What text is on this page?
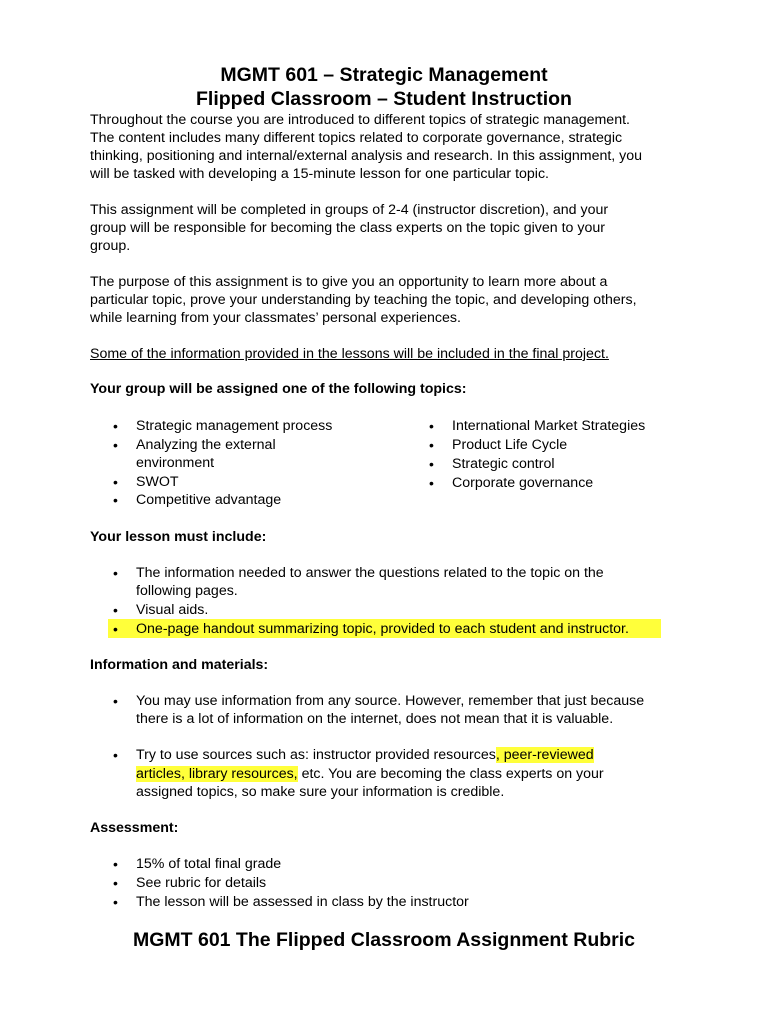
MGMT 601 – Strategic Management
Flipped Classroom – Student Instruction
Throughout the course you are introduced to different topics of strategic management.
The content includes many different topics related to corporate governance, strategic
thinking, positioning and internal/external analysis and research. In this assignment, you
will be tasked with developing a 15-minute lesson for one particular topic.
This assignment will be completed in groups of 2-4 (instructor discretion), and your
group will be responsible for becoming the class experts on the topic given to your
group.
The purpose of this assignment is to give you an opportunity to learn more about a
particular topic, prove your understanding by teaching the topic, and developing others,
while learning from your classmates’ personal experiences.
Some of the information provided in the lessons will be included in the final project.
Your group will be assigned one of the following topics:
• Strategic management process
• Analyzing the external
environment
• SWOT
• Competitive advantage
• International Market Strategies
• Product Life Cycle
• Strategic control
• Corporate governance
Your lesson must include:
• The information needed to answer the questions related to the topic on the
following pages.
• Visual aids.
• One-page handout summarizing topic, provided to each student and instructor.
Information and materials:
• You may use information from any source. However, remember that just because
there is a lot of information on the internet, does not mean that it is valuable.
• Try to use sources such as: instructor provided resources, peer-reviewed
articles, library resources, etc. You are becoming the class experts on your
assigned topics, so make sure your information is credible.
Assessment:
• 15% of total final grade
• See rubric for details
• The lesson will be assessed in class by the instructor
MGMT 601 The Flipped Classroom Assignment Rubric
